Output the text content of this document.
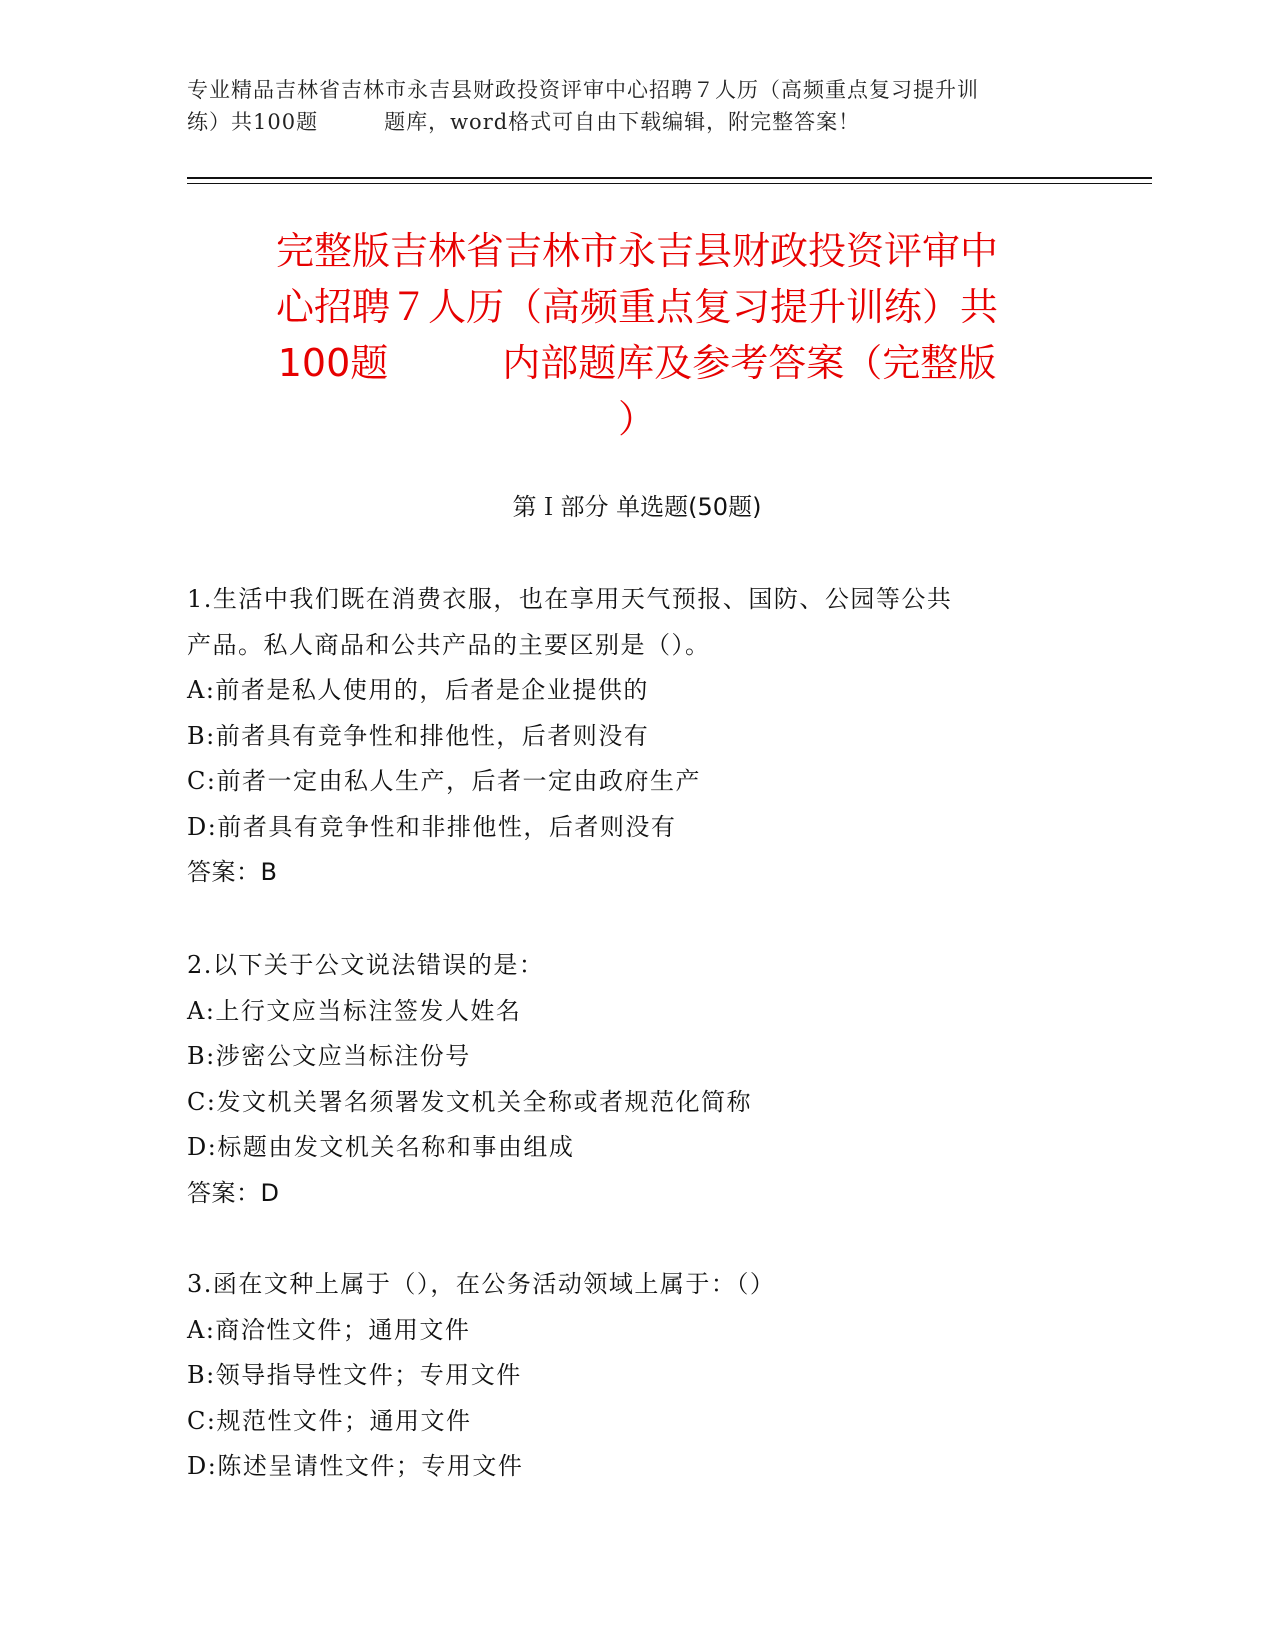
专业精品吉林省吉林市永吉县财政投资评审中心招聘７人历（高频重点复习提升训
练）共100题　　　题库，word格式可自由下载编辑，附完整答案！
完整版吉林省吉林市永吉县财政投资评审中
心招聘７人历（高频重点复习提升训练）共
100题　　　内部题库及参考答案（完整版
）
第Ｉ部分 单选题(50题)
1.生活中我们既在消费衣服，也在享用天气预报、国防、公园等公共
产品。私人商品和公共产品的主要区别是（）。
A:前者是私人使用的，后者是企业提供的
B:前者具有竞争性和排他性，后者则没有
C:前者一定由私人生产，后者一定由政府生产
D:前者具有竞争性和非排他性，后者则没有
答案：B
2.以下关于公文说法错误的是：
A:上行文应当标注签发人姓名
B:涉密公文应当标注份号
C:发文机关署名须署发文机关全称或者规范化简称
D:标题由发文机关名称和事由组成
答案：D
3.函在文种上属于（），在公务活动领域上属于：（）
A:商洽性文件；通用文件
B:领导指导性文件；专用文件
C:规范性文件；通用文件
D:陈述呈请性文件；专用文件
